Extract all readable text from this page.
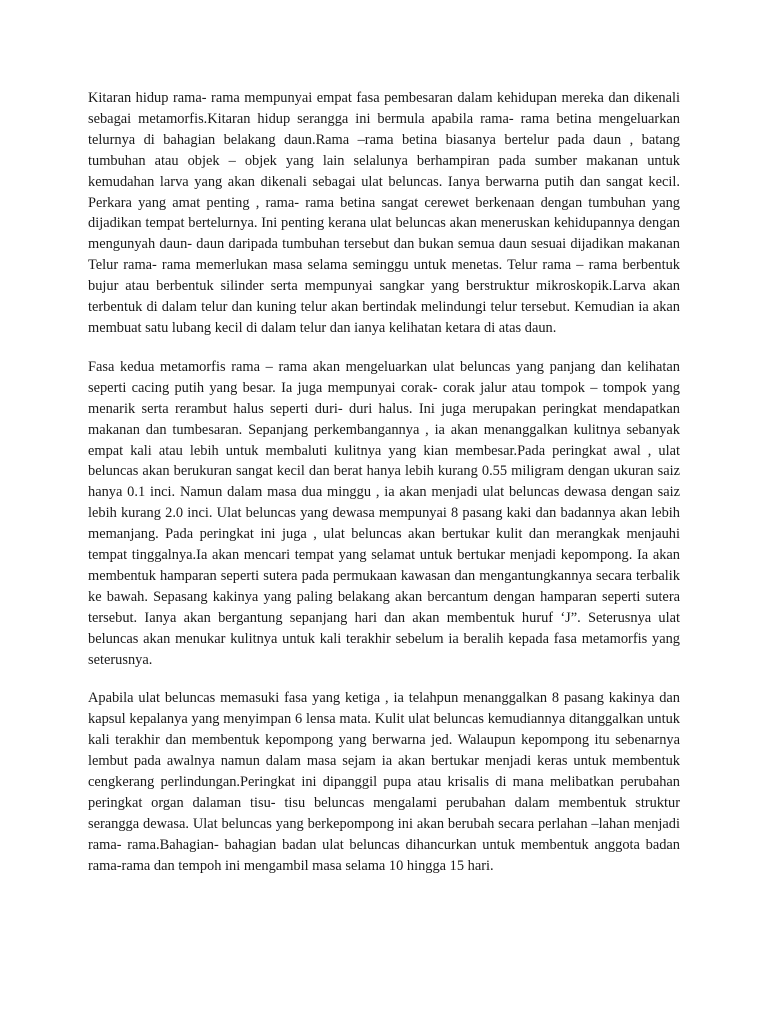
Kitaran hidup rama- rama mempunyai empat fasa pembesaran dalam kehidupan mereka dan dikenali sebagai metamorfis.Kitaran hidup serangga ini bermula apabila rama- rama betina mengeluarkan telurnya di bahagian belakang daun.Rama –rama betina biasanya bertelur pada daun , batang tumbuhan atau objek – objek yang lain selalunya berhampiran pada sumber makanan untuk kemudahan larva yang akan dikenali sebagai ulat beluncas. Ianya berwarna putih dan sangat kecil. Perkara yang amat penting , rama- rama betina sangat cerewet berkenaan dengan tumbuhan yang dijadikan tempat bertelurnya. Ini penting kerana ulat beluncas akan meneruskan kehidupannya dengan mengunyah daun- daun daripada tumbuhan tersebut dan bukan semua daun sesuai dijadikan makanan Telur rama- rama memerlukan masa selama seminggu untuk menetas. Telur rama – rama berbentuk bujur atau berbentuk silinder serta mempunyai sangkar yang berstruktur mikroskopik.Larva akan terbentuk di dalam telur dan kuning telur akan bertindak melindungi telur tersebut. Kemudian ia akan membuat satu lubang kecil di dalam telur dan ianya kelihatan ketara di atas daun.

Fasa kedua metamorfis rama – rama akan mengeluarkan ulat beluncas yang panjang dan kelihatan seperti cacing putih yang besar. Ia juga mempunyai corak- corak jalur atau tompok – tompok yang menarik serta rerambut halus seperti duri- duri halus. Ini juga merupakan peringkat mendapatkan makanan dan tumbesaran. Sepanjang perkembangannya , ia akan menanggalkan kulitnya sebanyak empat kali atau lebih untuk membaluti kulitnya yang kian membesar.Pada peringkat awal , ulat beluncas akan berukuran sangat kecil dan berat hanya lebih kurang 0.55 miligram dengan ukuran saiz hanya 0.1 inci. Namun dalam masa dua minggu , ia akan menjadi ulat beluncas dewasa dengan saiz lebih kurang 2.0 inci. Ulat beluncas yang dewasa mempunyai 8 pasang kaki dan badannya akan lebih memanjang. Pada peringkat ini juga , ulat beluncas akan bertukar kulit dan merangkak menjauhi tempat tinggalnya.Ia akan mencari tempat yang selamat untuk bertukar menjadi kepompong. Ia akan membentuk hamparan seperti sutera pada permukaan kawasan dan mengantungkannya secara terbalik ke bawah. Sepasang kakinya yang paling belakang akan bercantum dengan hamparan seperti sutera tersebut. Ianya akan bergantung sepanjang hari dan akan membentuk huruf ‘J”. Seterusnya ulat beluncas akan menukar kulitnya untuk kali terakhir sebelum ia beralih kepada fasa metamorfis yang seterusnya.

Apabila ulat beluncas memasuki fasa yang ketiga , ia telahpun menanggalkan 8 pasang kakinya dan kapsul kepalanya yang menyimpan 6 lensa mata. Kulit ulat beluncas kemudiannya ditanggalkan untuk kali terakhir dan membentuk kepompong yang berwarna jed. Walaupun kepompong itu sebenarnya lembut pada awalnya namun dalam masa sejam ia akan bertukar menjadi keras untuk membentuk cengkerang perlindungan.Peringkat ini dipanggil pupa atau krisalis di mana melibatkan perubahan peringkat organ dalaman tisu- tisu beluncas mengalami perubahan dalam membentuk struktur serangga dewasa. Ulat beluncas yang berkepompong ini akan berubah secara perlahan –lahan menjadi rama- rama.Bahagian- bahagian badan ulat beluncas dihancurkan untuk membentuk anggota badan rama-rama dan tempoh ini mengambil masa selama 10 hingga 15 hari.
